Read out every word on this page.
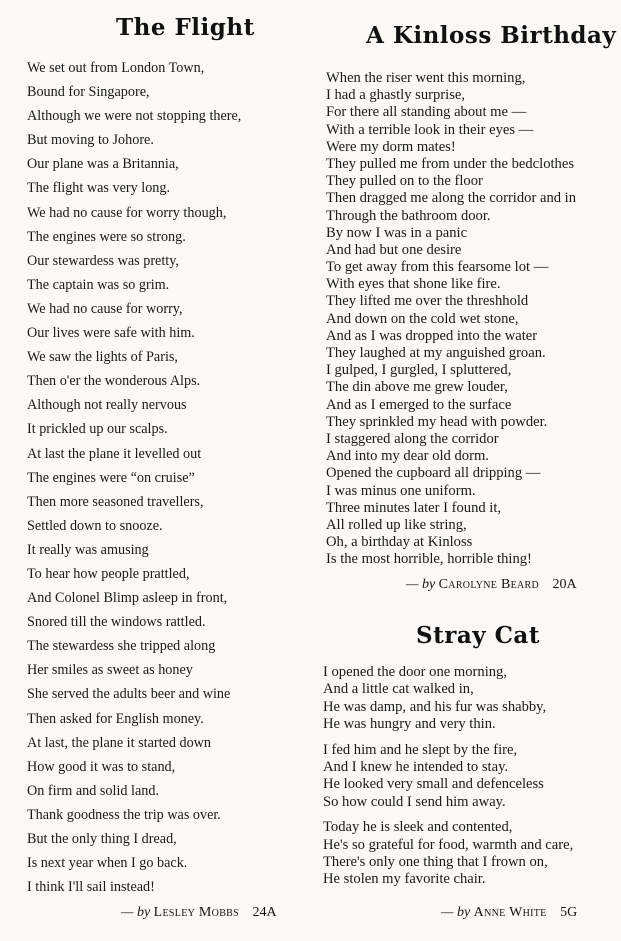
The Flight
We set out from London Town,
Bound for Singapore,
Although we were not stopping there,
But moving to Johore.
Our plane was a Britannia,
The flight was very long.
We had no cause for worry though,
The engines were so strong.
Our stewardess was pretty,
The captain was so grim.
We had no cause for worry,
Our lives were safe with him.
We saw the lights of Paris,
Then o'er the wonderous Alps.
Although not really nervous
It prickled up our scalps.
At last the plane it levelled out
The engines were “on cruise”
Then more seasoned travellers,
Settled down to snooze.
It really was amusing
To hear how people prattled,
And Colonel Blimp asleep in front,
Snored till the windows rattled.
The stewardess she tripped along
Her smiles as sweet as honey
She served the adults beer and wine
Then asked for English money.
At last, the plane it started down
How good it was to stand,
On firm and solid land.
Thank goodness the trip was over.
But the only thing I dread,
Is next year when I go back.
I think I'll sail instead!
— by Lesley Mobbs 24A
A Kinloss Birthday
When the riser went this morning,
I had a ghastly surprise,
For there all standing about me —
With a terrible look in their eyes —
Were my dorm mates!
They pulled me from under the bedclothes
They pulled on to the floor
Then dragged me along the corridor and in
Through the bathroom door.
By now I was in a panic
And had but one desire
To get away from this fearsome lot —
With eyes that shone like fire.
They lifted me over the threshhold
And down on the cold wet stone,
And as I was dropped into the water
They laughed at my anguished groan.
I gulped, I gurgled, I spluttered,
The din above me grew louder,
And as I emerged to the surface
They sprinkled my head with powder.
I staggered along the corridor
And into my dear old dorm.
Opened the cupboard all dripping —
I was minus one uniform.
Three minutes later I found it,
All rolled up like string,
Oh, a birthday at Kinloss
Is the most horrible, horrible thing!
— by Carolyne Beard 20A
Stray Cat
I opened the door one morning,
And a little cat walked in,
He was damp, and his fur was shabby,
He was hungry and very thin.
I fed him and he slept by the fire,
And I knew he intended to stay.
He looked very small and defenceless
So how could I send him away.
Today he is sleek and contented,
He's so grateful for food, warmth and care,
There's only one thing that I frown on,
He stolen my favorite chair.
— by Anne White 5G
